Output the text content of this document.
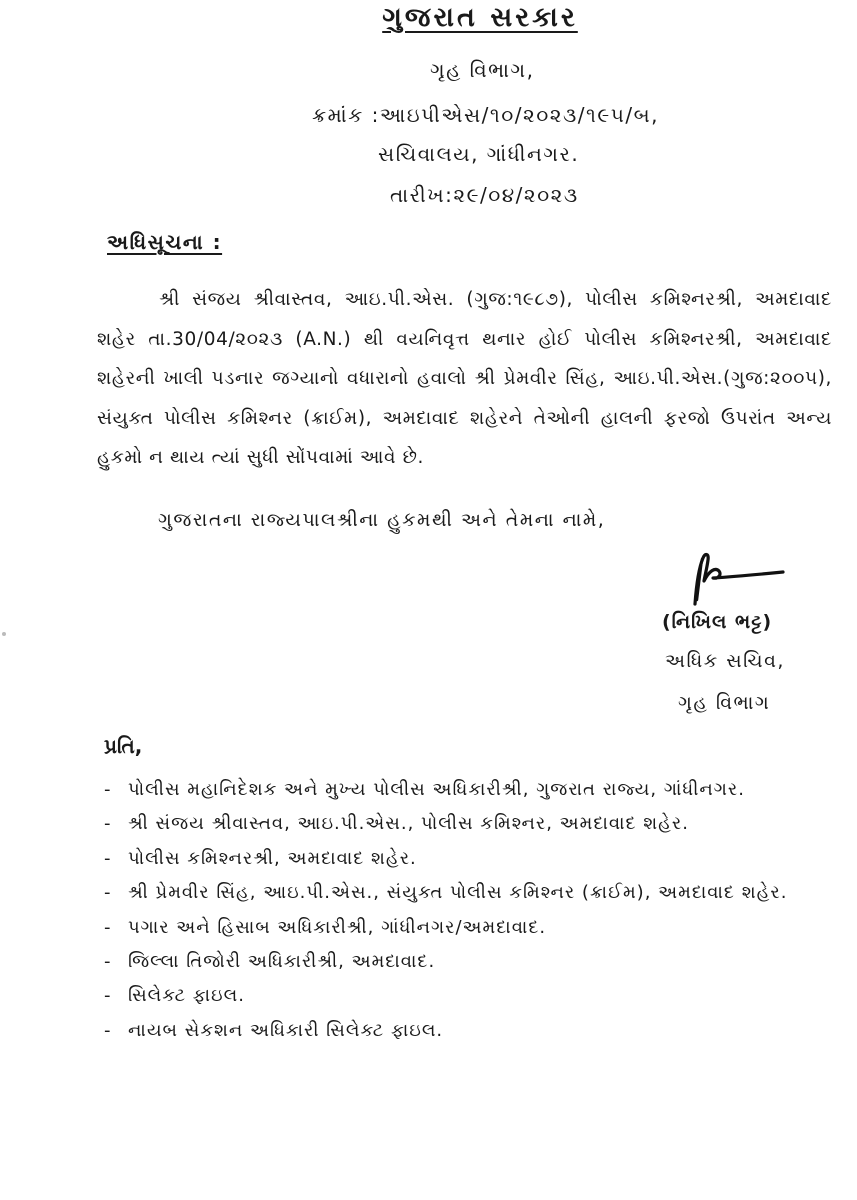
ગુજરાત સરકાર
ગૃહ વિભાગ,
ક્રમાંક :આઇપીએસ/૧૦/૨૦૨૩/૧૯૫/બ,
સચિવાલય, ગાંધીનગર.
તારીખ:૨૯/૦૪/૨૦૨૩
અધિસૂચના :
શ્રી સંજય શ્રીવાસ્તવ, આઇ.પી.એસ. (ગુજ:૧૯૮૭), પોલીસ કમિશ્નરશ્રી, અમદાવાદ શહેર તા.30/04/૨૦૨૩ (A.N.) થી વયનિવૃત્ત થનાર હોઈ પોલીસ કમિશ્નરશ્રી, અમદાવાદ શહેરની ખાલી પડનાર જગ્યાનો વધારાનો હવાલો શ્રી પ્રેમવીર સિંહ, આઇ.પી.એસ.(ગુજ:૨૦૦૫), સંયુક્ત પોલીસ કમિશ્નર (ક્રાઈમ), અમદાવાદ શહેરને તેઓની હાલની ફરજો ઉપરાંત અન્ય હુકમો ન થાય ત્યાં સુધી સોંપવામાં આવે છે.
ગુજરાતના રાજ્યપાલશ્રીના હુકમથી અને તેમના નામે,
(નિખિલ ભટ્ટ)
અધિક સચિવ,
ગૃહ વિભાગ
પ્રતિ,
- પોલીસ મહાનિદેશક અને મુખ્ય પોલીસ અધિકારીશ્રી, ગુજરાત રાજ્ય, ગાંધીનગર.
- શ્રી સંજય શ્રીવાસ્તવ, આઇ.પી.એસ., પોલીસ કમિશ્નર, અમદાવાદ શહેર.
- પોલીસ કમિશ્નરશ્રી, અમદાવાદ શહેર.
- શ્રી પ્રેમવીર સિંહ, આઇ.પી.એસ., સંયુક્ત પોલીસ કમિશ્નર (ક્રાઈમ), અમદાવાદ શહેર.
- પગાર અને હિસાબ અધિકારીશ્રી, ગાંધીનગર/અમદાવાદ.
- જિલ્લા તિજોરી અધિકારીશ્રી, અમદાવાદ.
- સિલેક્ટ ફાઇલ.
- નાયબ સેકશન અધિકારી સિલેક્ટ ફાઇલ.
